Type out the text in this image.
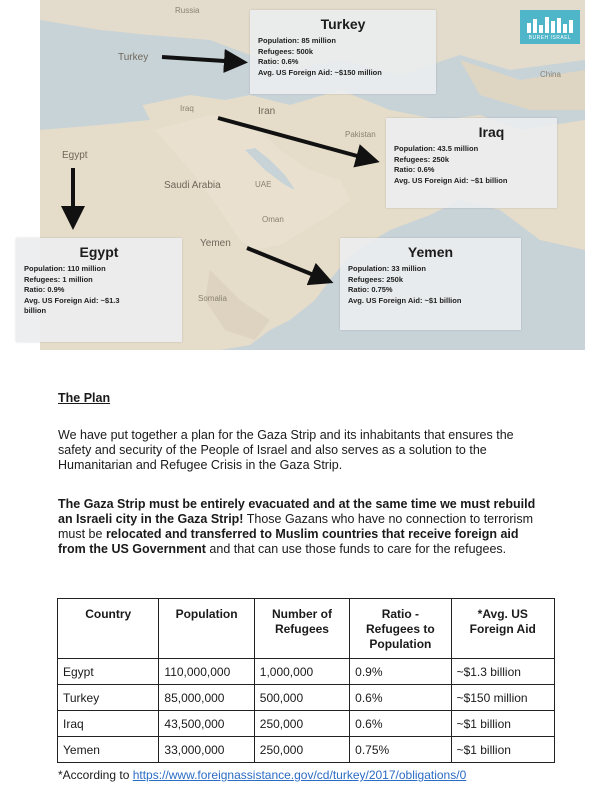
Russia
Turkey
Iraq	Iran
Egypt
Saudi Arabia	UAE
Oman
Yemen
Somalia
China
Pakistan
Turkey
Population: 85 million
Refugees: 500k
Ratio: 0.6%
Avg. US Foreign Aid: ~$150 million
Iraq
Population: 43.5 million
Refugees: 250k
Ratio: 0.6%
Avg. US Foreign Aid: ~$1 billion
Egypt
Population: 110 million
Refugees: 1 million
Ratio: 0.9%
Avg. US Foreign Aid: ~$1.3 billion
Yemen
Population: 33 million
Refugees: 250k
Ratio: 0.75%
Avg. US Foreign Aid: ~$1 billion
BUREH ISRAEL
The Plan
We have put together a plan for the Gaza Strip and its inhabitants that ensures the safety and security of the People of Israel and also serves as a solution to the Humanitarian and Refugee Crisis in the Gaza Strip.
The Gaza Strip must be entirely evacuated and at the same time we must rebuild an Israeli city in the Gaza Strip! Those Gazans who have no connection to terrorism must be relocated and transferred to Muslim countries that receive foreign aid from the US Government and that can use those funds to care for the refugees.
Country	Population	Number of Refugees	Ratio - Refugees to Population	*Avg. US Foreign Aid
Egypt	110,000,000	1,000,000	0.9%	~$1.3 billion
Turkey	85,000,000	500,000	0.6%	~$150 million
Iraq	43,500,000	250,000	0.6%	~$1 billion
Yemen	33,000,000	250,000	0.75%	~$1 billion
*According to https://www.foreignassistance.gov/cd/turkey/2017/obligations/0
